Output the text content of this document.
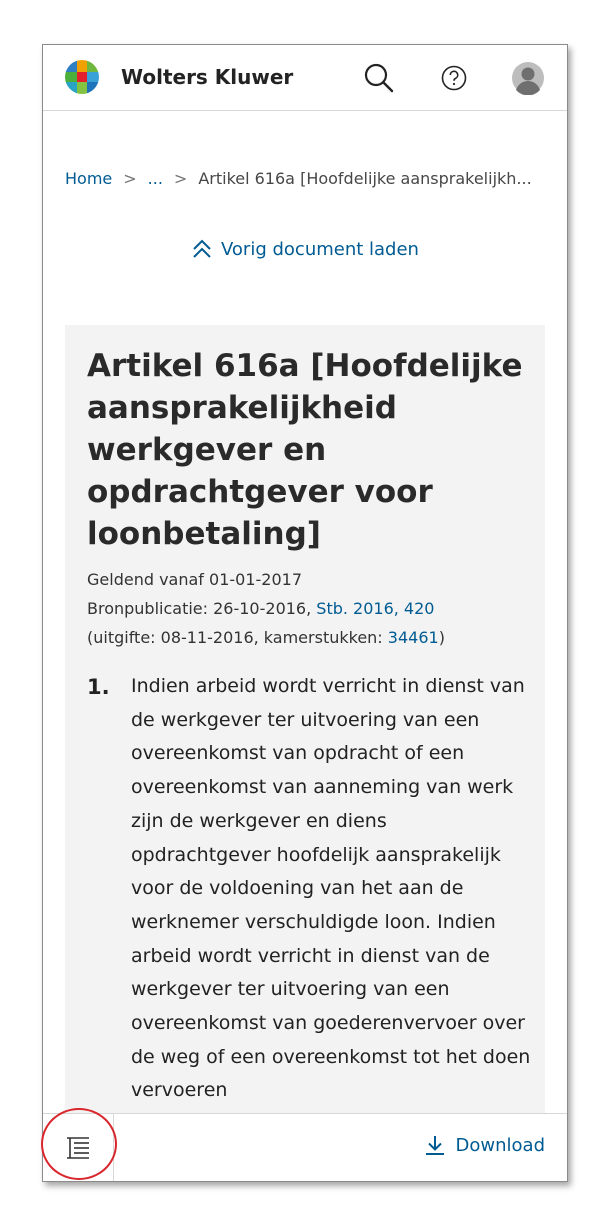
Wolters Kluwer
Home > ... > Artikel 616a [Hoofdelijke aansprakelijkh...
Vorig document laden
Artikel 616a [Hoofdelijke aansprakelijkheid werkgever en opdrachtgever voor loonbetaling]
Geldend vanaf 01-01-2017
Bronpublicatie: 26-10-2016, Stb. 2016, 420
(uitgifte: 08-11-2016, kamerstukken: 34461)
1. Indien arbeid wordt verricht in dienst van de werkgever ter uitvoering van een overeenkomst van opdracht of een overeenkomst van aanneming van werk zijn de werkgever en diens opdrachtgever hoofdelijk aansprakelijk voor de voldoening van het aan de werknemer verschuldigde loon. Indien arbeid wordt verricht in dienst van de werkgever ter uitvoering van een overeenkomst van goederenvervoer over de weg of een overeenkomst tot het doen vervoeren

Download
